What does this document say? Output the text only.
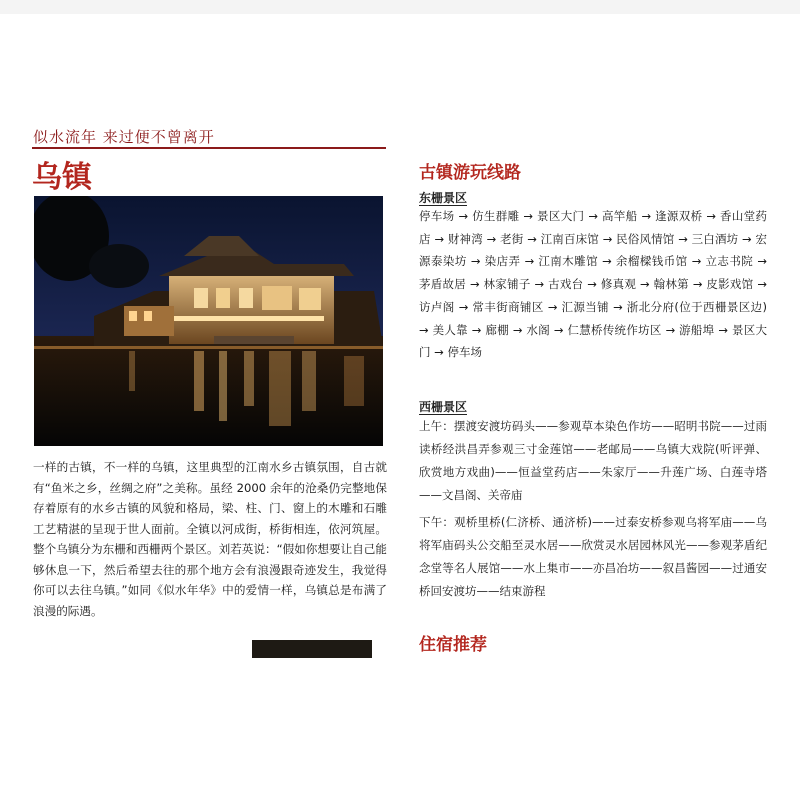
似水流年 来过便不曾离开
乌镇
一样的古镇，不一样的乌镇，这里典型的江南水乡古镇氛围，自古就有“鱼米之乡，丝绸之府”之美称。虽经 2000 余年的沧桑仍完整地保存着原有的水乡古镇的风貌和格局，梁、柱、门、窗上的木雕和石雕工艺精湛的呈现于世人面前。全镇以河成街，桥街相连，依河筑屋。整个乌镇分为东栅和西栅两个景区。刘若英说：“假如你想要让自己能够休息一下，然后希望去往的那个地方会有浪漫跟奇迹发生，我觉得你可以去往乌镇。”如同《似水年华》中的爱情一样，乌镇总是布满了浪漫的际遇。
古镇游玩线路
东栅景区
停车场 → 仿生群雕 → 景区大门 → 高竿船 → 逢源双桥 → 香山堂药店 → 财神湾 → 老街 → 江南百床馆 → 民俗风情馆 → 三白酒坊 → 宏源泰染坊 → 染店弄 → 江南木雕馆 → 余榴樑钱币馆 → 立志书院 → 茅盾故居 → 林家铺子 → 古戏台 → 修真观 → 翰林第 → 皮影戏馆 → 访卢阁 → 常丰街商铺区 → 汇源当铺 → 浙北分府(位于西栅景区边) → 美人靠 → 廊棚 → 水阁 → 仁慧桥传统作坊区 → 游船埠 → 景区大门 → 停车场
西栅景区
上午：摆渡安渡坊码头——参观草本染色作坊——昭明书院——过雨读桥经洪昌弄参观三寸金莲馆——老邮局——乌镇大戏院(听评弹、欣赏地方戏曲)——恒益堂药店——朱家厅——升莲广场、白莲寺塔——文昌阁、关帝庙
下午：观桥里桥(仁济桥、通济桥)——过泰安桥参观乌将军庙——乌将军庙码头公交船至灵水居——欣赏灵水居园林风光——参观茅盾纪念堂等名人展馆——水上集市——亦昌冶坊——叙昌酱园——过通安桥回安渡坊——结束游程
住宿推荐
